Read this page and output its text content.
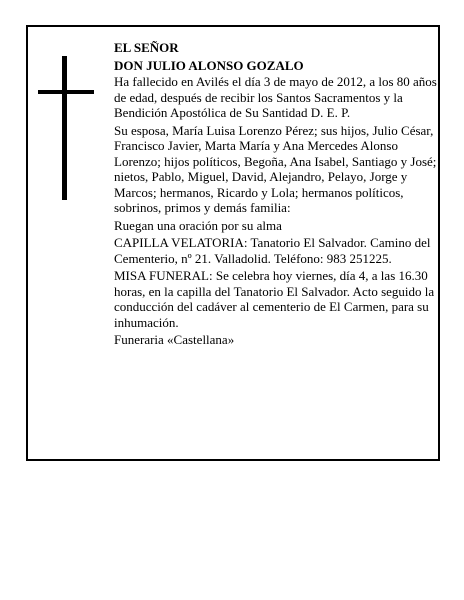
EL SEÑOR

DON JULIO ALONSO GOZALO

Ha fallecido en Avilés el día 3 de mayo de 2012, a los 80 años de edad, después de recibir los Santos Sacramentos y la Bendición Apostólica de Su Santidad D. E. P.

Su esposa, María Luisa Lorenzo Pérez; sus hijos, Julio César, Francisco Javier, Marta María y Ana Mercedes Alonso Lorenzo; hijos políticos, Begoña, Ana Isabel, Santiago y José; nietos, Pablo, Miguel, David, Alejandro, Pelayo, Jorge y Marcos; hermanos, Ricardo y Lola; hermanos políticos, sobrinos, primos y demás familia:

Ruegan una oración por su alma

CAPILLA VELATORIA: Tanatorio El Salvador. Camino del Cementerio, nº 21. Valladolid. Teléfono: 983 251225.

MISA FUNERAL: Se celebra hoy viernes, día 4, a las 16.30 horas, en la capilla del Tanatorio El Salvador. Acto seguido la conducción del cadáver al cementerio de El Carmen, para su inhumación.

Funeraria «Castellana»
